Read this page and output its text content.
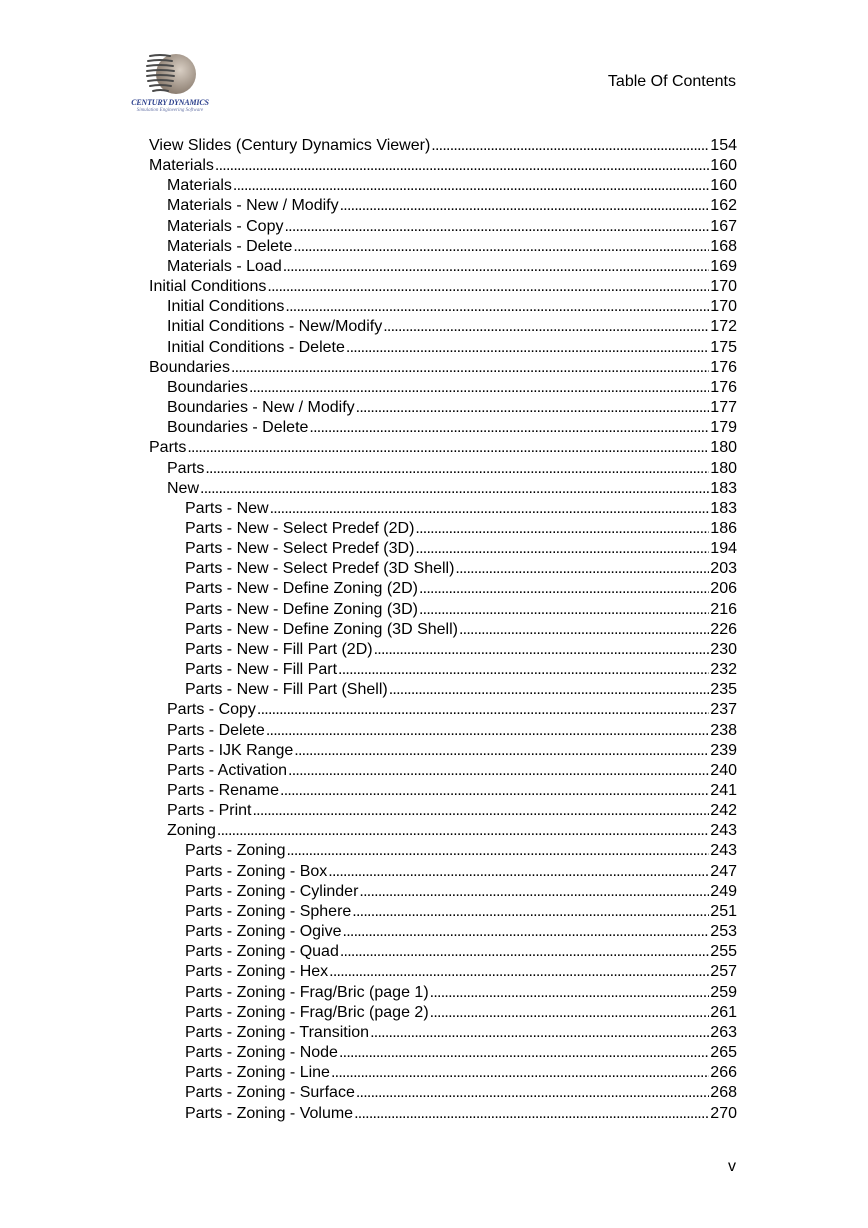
CENTURY DYNAMICS
Simulation Engineering Software
Table Of Contents
View Slides (Century Dynamics Viewer) . . .	154
Materials . . .	160
Materials . . .	160
Materials - New / Modify . . .	162
Materials - Copy . . .	167
Materials - Delete . . .	168
Materials - Load . . .	169
Initial Conditions . . .	170
Initial Conditions . . .	170
Initial Conditions - New/Modify . . .	172
Initial Conditions - Delete . . .	175
Boundaries . . .	176
Boundaries . . .	176
Boundaries - New / Modify . . .	177
Boundaries - Delete . . .	179
Parts . . .	180
Parts . . .	180
New . . .	183
Parts - New . . .	183
Parts - New - Select Predef (2D) . . .	186
Parts - New - Select Predef (3D) . . .	194
Parts - New - Select Predef (3D Shell) . . .	203
Parts - New - Define Zoning (2D) . . .	206
Parts - New - Define Zoning (3D) . . .	216
Parts - New - Define Zoning (3D Shell) . . .	226
Parts - New - Fill Part (2D) . . .	230
Parts - New - Fill Part . . .	232
Parts - New - Fill Part (Shell) . . .	235
Parts - Copy . . .	237
Parts - Delete . . .	238
Parts - IJK Range . . .	239
Parts - Activation . . .	240
Parts - Rename . . .	241
Parts - Print . . .	242
Zoning . . .	243
Parts - Zoning . . .	243
Parts - Zoning - Box . . .	247
Parts - Zoning - Cylinder . . .	249
Parts - Zoning - Sphere . . .	251
Parts - Zoning - Ogive . . .	253
Parts - Zoning - Quad . . .	255
Parts - Zoning - Hex . . .	257
Parts - Zoning - Frag/Bric (page 1) . . .	259
Parts - Zoning - Frag/Bric (page 2) . . .	261
Parts - Zoning - Transition . . .	263
Parts - Zoning - Node . . .	265
Parts - Zoning - Line . . .	266
Parts - Zoning - Surface . . .	268
Parts - Zoning - Volume . . .	270
v
